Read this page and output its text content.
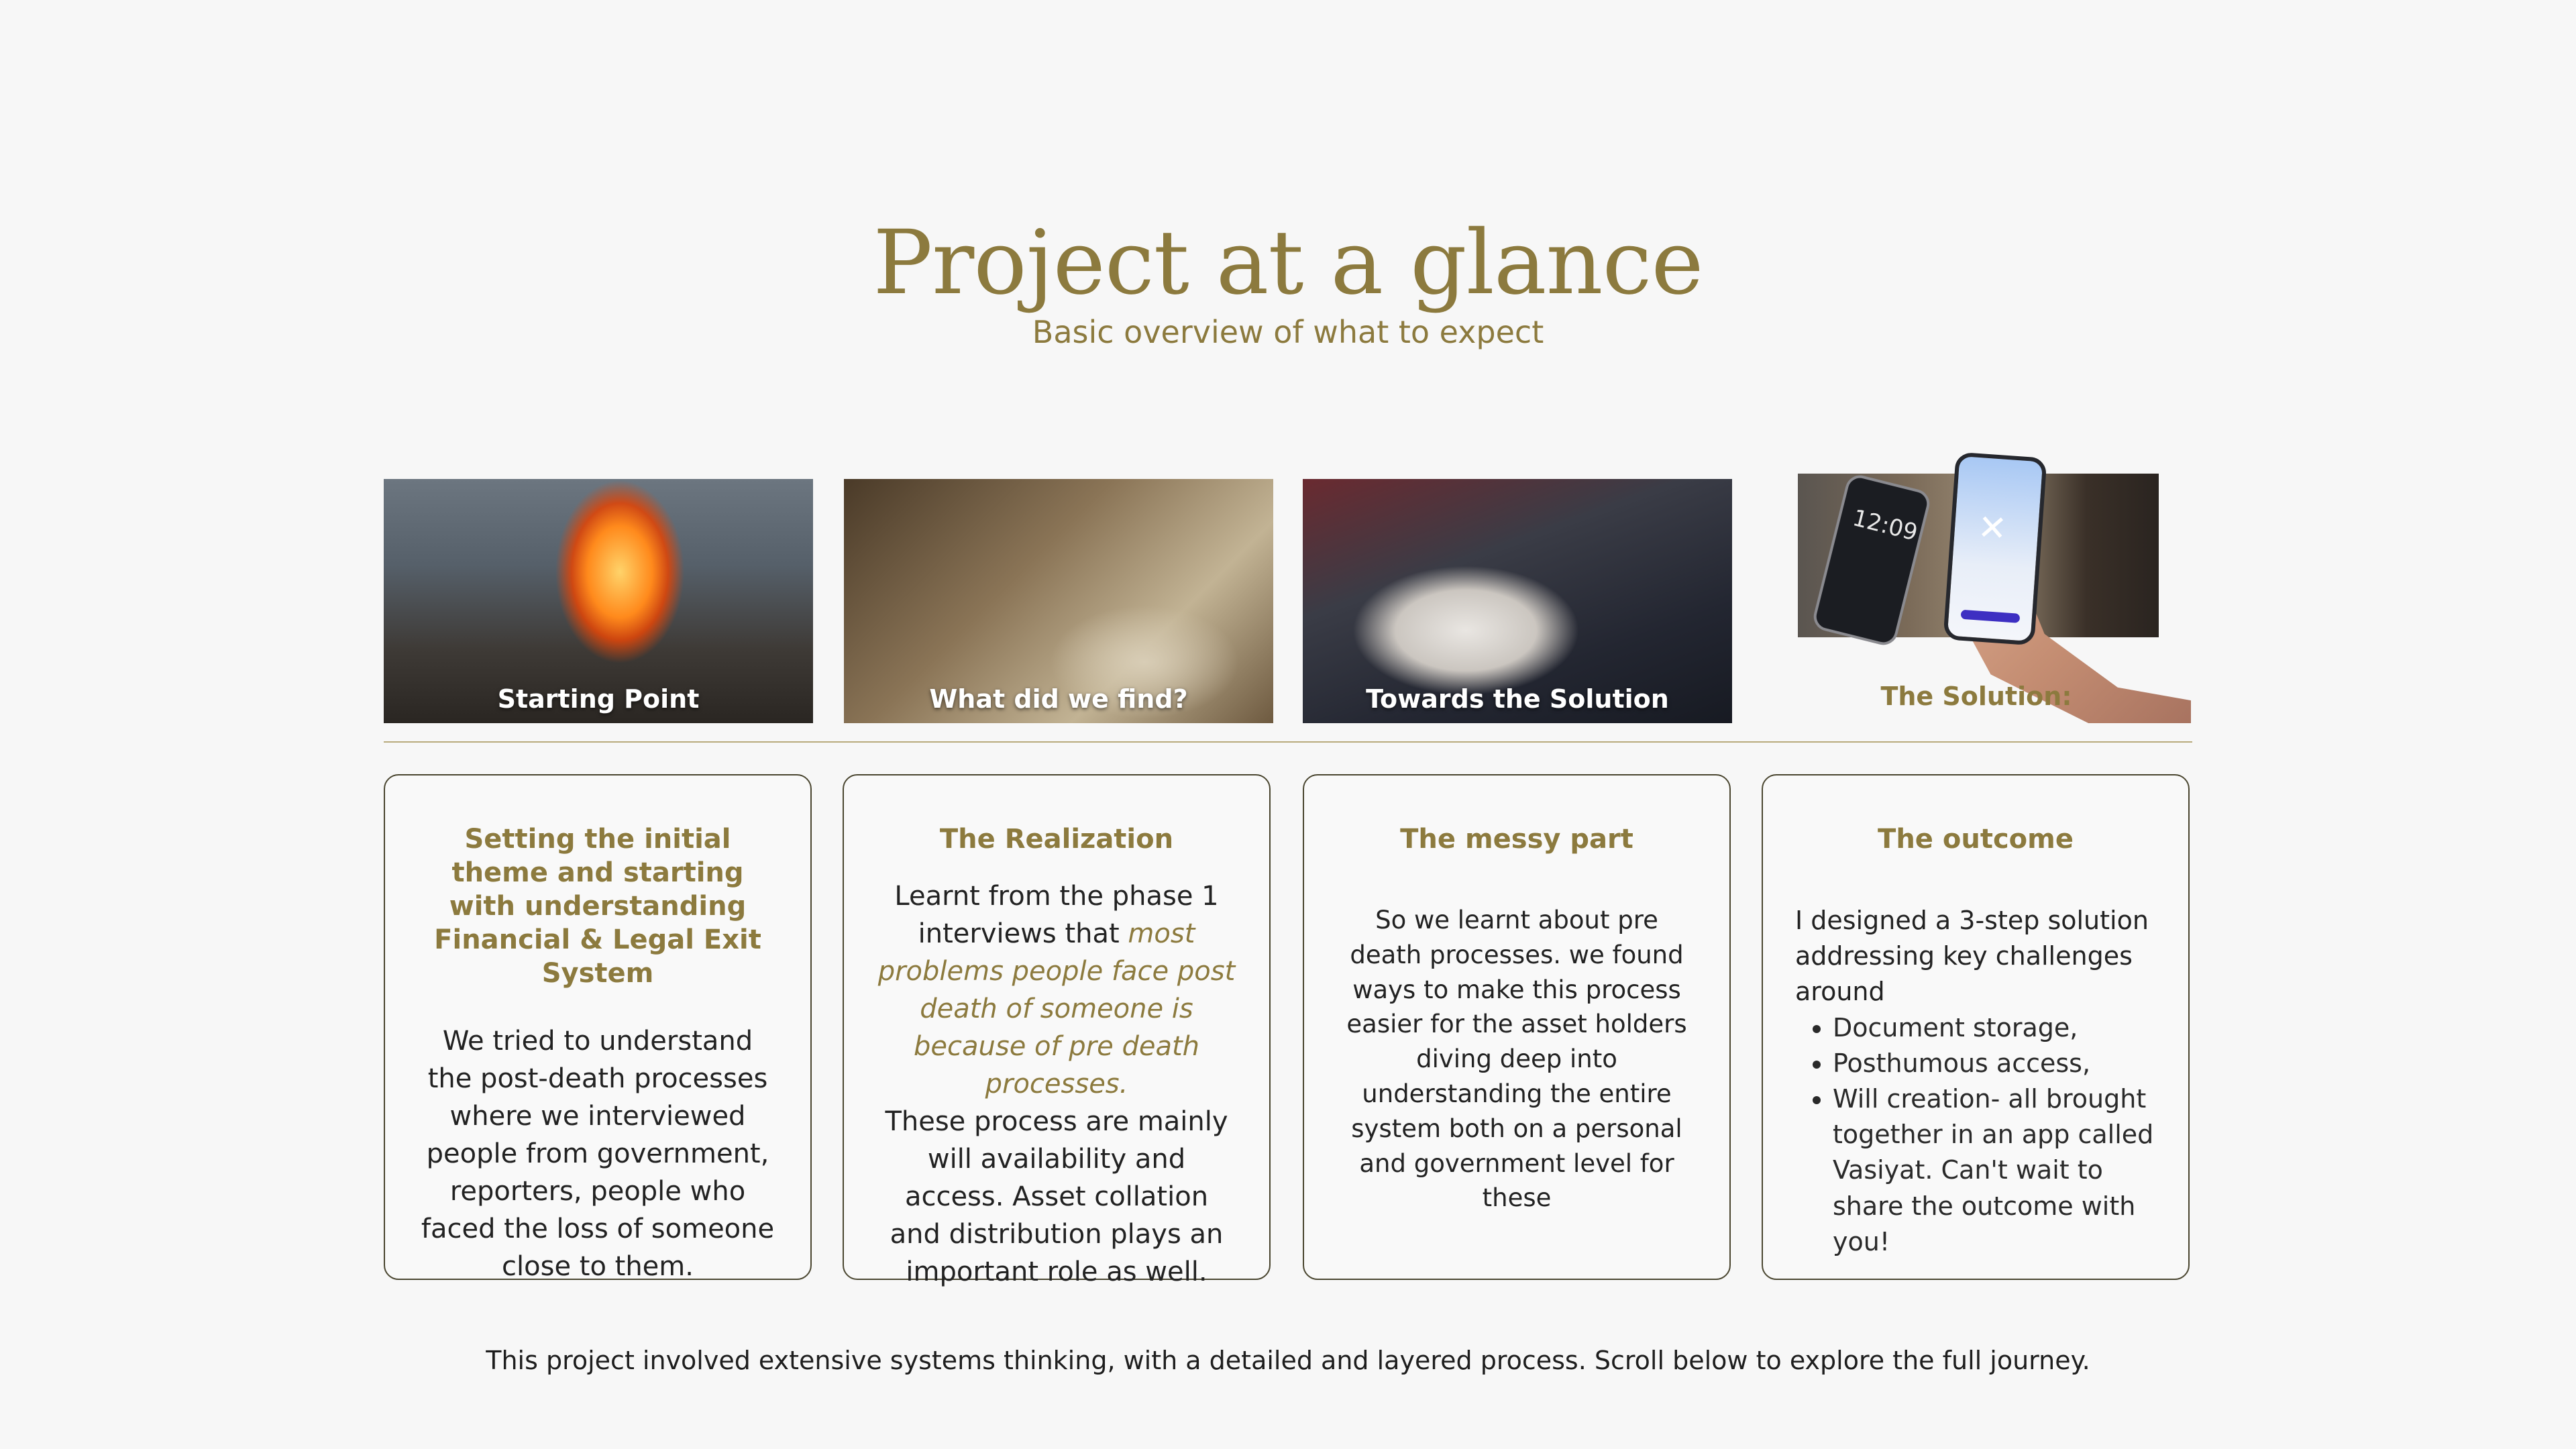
Project at a glance

Basic overview of what to expect

Starting Point	What did we find?	Towards the Solution
12:09 ✕
The Solution:
Setting the initial theme and starting with understanding Financial & Legal Exit System

We tried to understand the post-death processes where we interviewed people from government, reporters, people who faced the loss of someone close to them.

The Realization

Learnt from the phase 1 interviews that most problems people face post death of someone is because of pre death processes.
These process are mainly will availability and access. Asset collation and distribution plays an important role as well.

The messy part

So we learnt about pre death processes. we found ways to make this process easier for the asset holders diving deep into understanding the entire system both on a personal and government level for these

The outcome

I designed a 3-step solution addressing key challenges around

• Document storage,
• Posthumous access,
• Will creation- all brought together in an app called Vasiyat. Can't wait to share the outcome with you!

This project involved extensive systems thinking, with a detailed and layered process. Scroll below to explore the full journey.
